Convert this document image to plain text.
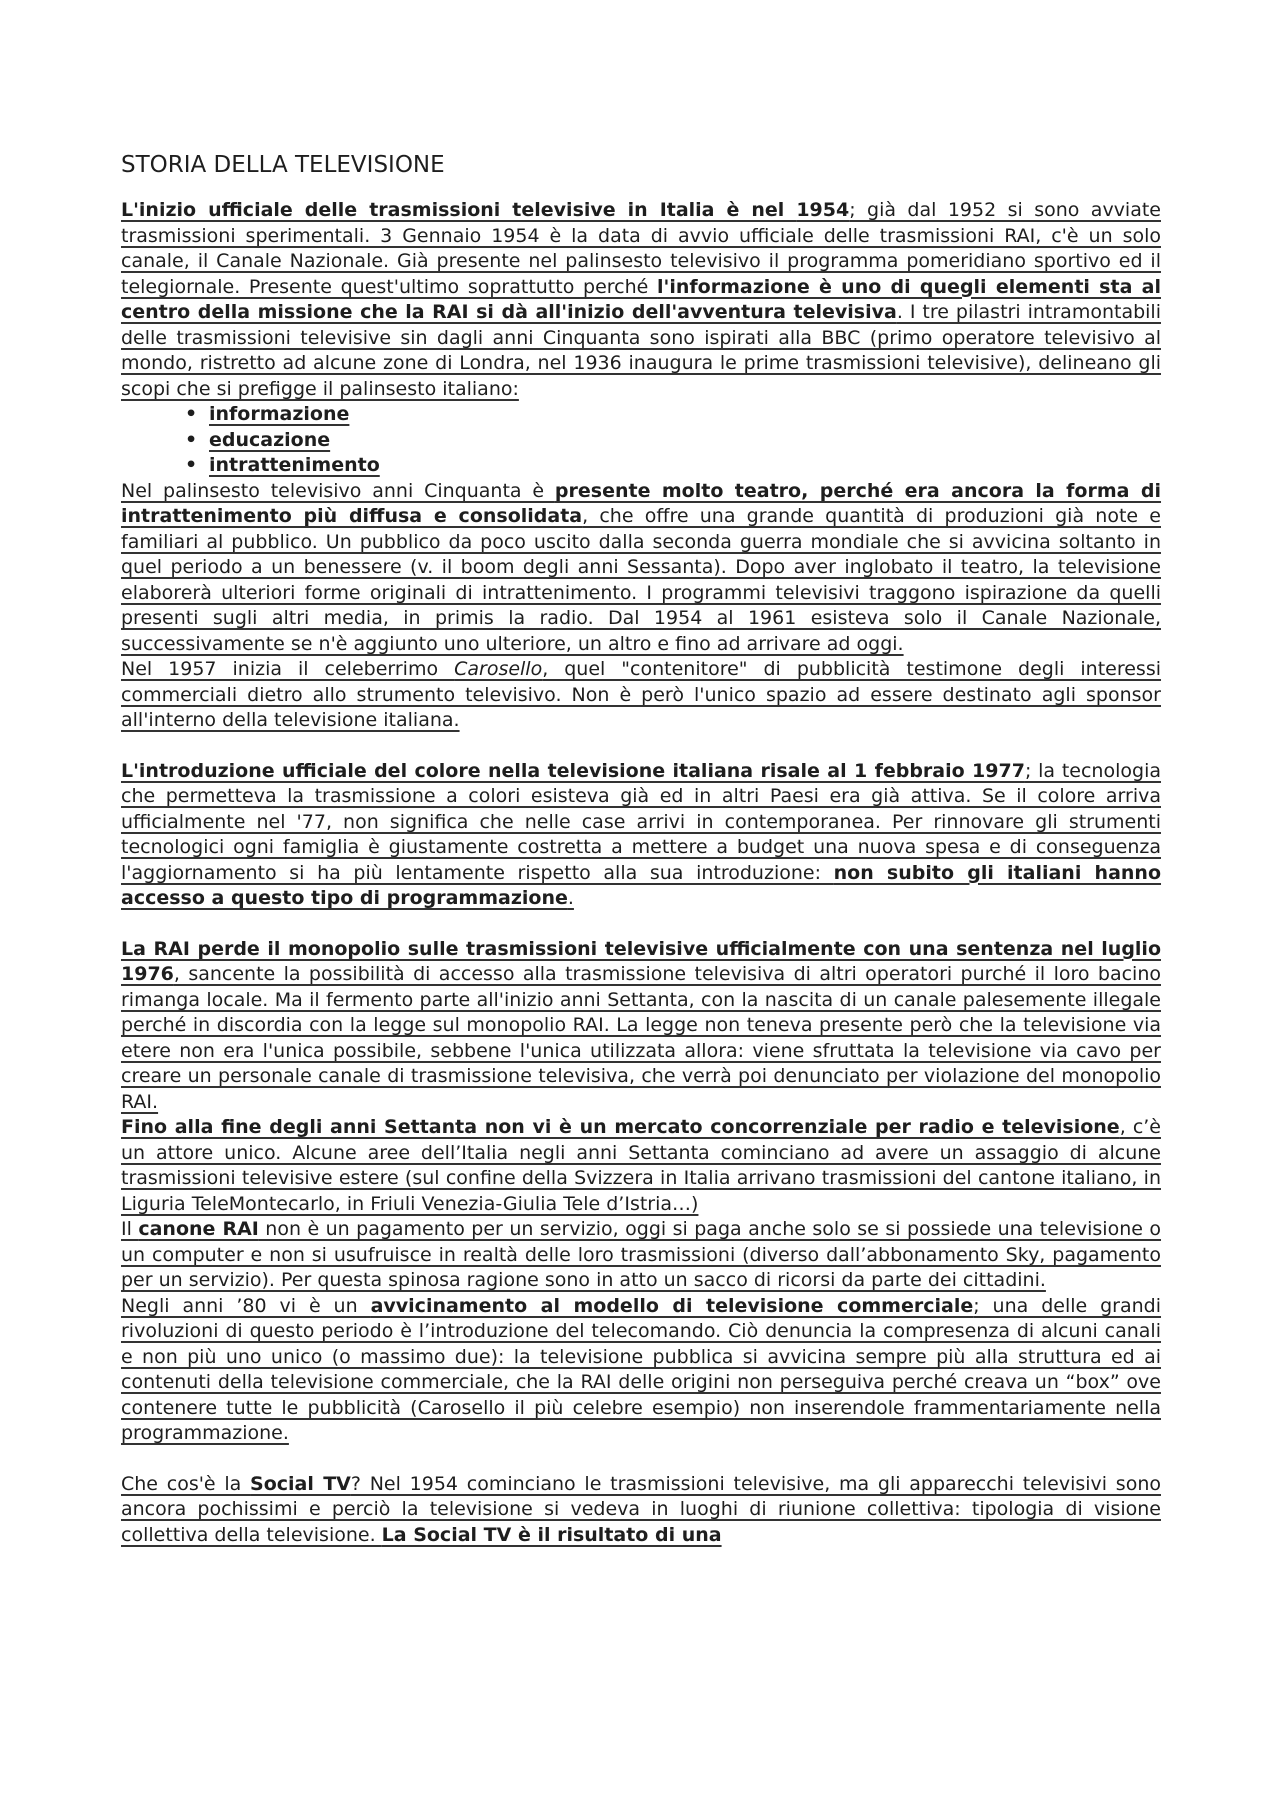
STORIA DELLA TELEVISIONE

L'inizio ufficiale delle trasmissioni televisive in Italia è nel 1954; già dal 1952 si sono avviate trasmissioni sperimentali. 3 Gennaio 1954 è la data di avvio ufficiale delle trasmissioni RAI, c'è un solo canale, il Canale Nazionale. Già presente nel palinsesto televisivo il programma pomeridiano sportivo ed il telegiornale. Presente quest'ultimo soprattutto perché l'informazione è uno di quegli elementi sta al centro della missione che la RAI si dà all'inizio dell'avventura televisiva. I tre pilastri intramontabili delle trasmissioni televisive sin dagli anni Cinquanta sono ispirati alla BBC (primo operatore televisivo al mondo, ristretto ad alcune zone di Londra, nel 1936 inaugura le prime trasmissioni televisive), delineano gli scopi che si prefigge il palinsesto italiano:

• informazione
• educazione
• intrattenimento

Nel palinsesto televisivo anni Cinquanta è presente molto teatro, perché era ancora la forma di intrattenimento più diffusa e consolidata, che offre una grande quantità di produzioni già note e familiari al pubblico. Un pubblico da poco uscito dalla seconda guerra mondiale che si avvicina soltanto in quel periodo a un benessere (v. il boom degli anni Sessanta). Dopo aver inglobato il teatro, la televisione elaborerà ulteriori forme originali di intrattenimento. I programmi televisivi traggono ispirazione da quelli presenti sugli altri media, in primis la radio. Dal 1954 al 1961 esisteva solo il Canale Nazionale, successivamente se n'è aggiunto uno ulteriore, un altro e fino ad arrivare ad oggi.

Nel 1957 inizia il celeberrimo Carosello, quel "contenitore" di pubblicità testimone degli interessi commerciali dietro allo strumento televisivo. Non è però l'unico spazio ad essere destinato agli sponsor all'interno della televisione italiana.

L'introduzione ufficiale del colore nella televisione italiana risale al 1 febbraio 1977; la tecnologia che permetteva la trasmissione a colori esisteva già ed in altri Paesi era già attiva. Se il colore arriva ufficialmente nel '77, non significa che nelle case arrivi in contemporanea. Per rinnovare gli strumenti tecnologici ogni famiglia è giustamente costretta a mettere a budget una nuova spesa e di conseguenza l'aggiornamento si ha più lentamente rispetto alla sua introduzione: non subito gli italiani hanno accesso a questo tipo di programmazione.

La RAI perde il monopolio sulle trasmissioni televisive ufficialmente con una sentenza nel luglio 1976, sancente la possibilità di accesso alla trasmissione televisiva di altri operatori purché il loro bacino rimanga locale. Ma il fermento parte all'inizio anni Settanta, con la nascita di un canale palesemente illegale perché in discordia con la legge sul monopolio RAI. La legge non teneva presente però che la televisione via etere non era l'unica possibile, sebbene l'unica utilizzata allora: viene sfruttata la televisione via cavo per creare un personale canale di trasmissione televisiva, che verrà poi denunciato per violazione del monopolio RAI.

Fino alla fine degli anni Settanta non vi è un mercato concorrenziale per radio e televisione, c’è un attore unico. Alcune aree dell’Italia negli anni Settanta cominciano ad avere un assaggio di alcune trasmissioni televisive estere (sul confine della Svizzera in Italia arrivano trasmissioni del cantone italiano, in Liguria TeleMontecarlo, in Friuli Venezia-Giulia Tele d’Istria…)

Il canone RAI non è un pagamento per un servizio, oggi si paga anche solo se si possiede una televisione o un computer e non si usufruisce in realtà delle loro trasmissioni (diverso dall’abbonamento Sky, pagamento per un servizio). Per questa spinosa ragione sono in atto un sacco di ricorsi da parte dei cittadini.

Negli anni ’80 vi è un avvicinamento al modello di televisione commerciale; una delle grandi rivoluzioni di questo periodo è l’introduzione del telecomando. Ciò denuncia la compresenza di alcuni canali e non più uno unico (o massimo due): la televisione pubblica si avvicina sempre più alla struttura ed ai contenuti della televisione commerciale, che la RAI delle origini non perseguiva perché creava un “box” ove contenere tutte le pubblicità (Carosello il più celebre esempio) non inserendole frammentariamente nella programmazione.

Che cos'è la Social TV? Nel 1954 cominciano le trasmissioni televisive, ma gli apparecchi televisivi sono ancora pochissimi e perciò la televisione si vedeva in luoghi di riunione collettiva: tipologia di visione collettiva della televisione. La Social TV è il risultato di una
